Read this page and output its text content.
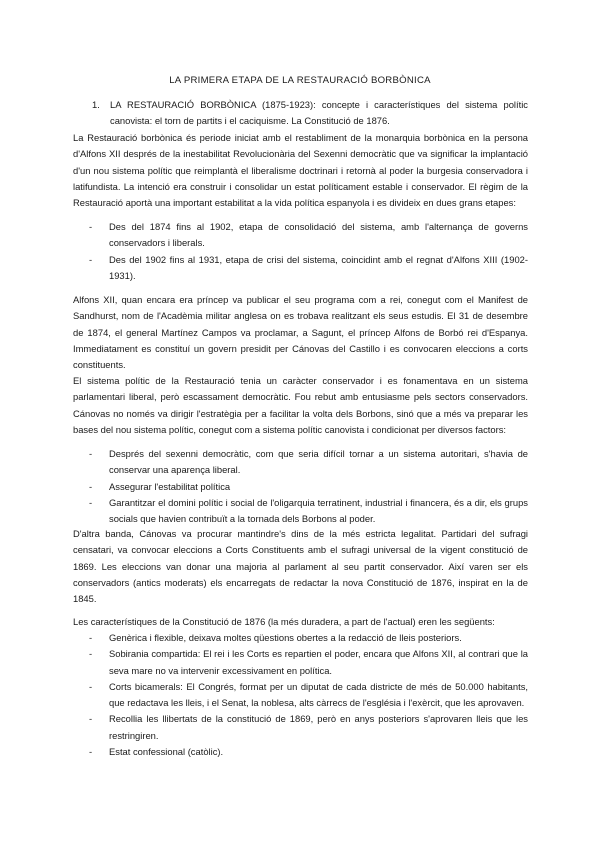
LA PRIMERA ETAPA DE LA RESTAURACIÓ BORBÒNICA
1. LA RESTAURACIÓ BORBÒNICA (1875-1923): concepte i característiques del sistema polític canovista: el torn de partits i el caciquisme. La Constitució de 1876.
La Restauració borbònica és periode iniciat amb el restabliment de la monarquia borbònica en la persona d'Alfons XII després de la inestabilitat Revolucionària del Sexenni democràtic que va significar la implantació d'un nou sistema polític que reimplantà el liberalisme doctrinari i retornà al poder la burgesia conservadora i latifundista. La intenció era construir i consolidar un estat políticament estable i conservador. El règim de la Restauració aportà una important estabilitat a la vida política espanyola i es divideix en dues grans etapes:
- Des del 1874 fins al 1902, etapa de consolidació del sistema, amb l'alternança de governs conservadors i liberals.
- Des del 1902 fins al 1931, etapa de crisi del sistema, coincidint amb el regnat d'Alfons XIII (1902-1931).
Alfons XII, quan encara era príncep va publicar el seu programa com a rei, conegut com el Manifest de Sandhurst, nom de l'Acadèmia militar anglesa on es trobava realitzant els seus estudis. El 31 de desembre de 1874, el general Martínez Campos va proclamar, a Sagunt, el príncep Alfons de Borbó rei d'Espanya. Immediatament es constituí un govern presidit per Cánovas del Castillo i es convocaren eleccions a corts constituents.
El sistema polític de la Restauració tenia un caràcter conservador i es fonamentava en un sistema parlamentari liberal, però escassament democràtic. Fou rebut amb entusiasme pels sectors conservadors. Cánovas no només va dirigir l'estratègia per a facilitar la volta dels Borbons, sinó que a més va preparar les bases del nou sistema polític, conegut com a sistema polític canovista i condicionat per diversos factors:
- Després del sexenni democràtic, com que seria difícil tornar a un sistema autoritari, s'havia de conservar una aparença liberal.
- Assegurar l'estabilitat política
- Garantitzar el domini polític i social de l'oligarquia terratinent, industrial i financera, és a dir, els grups socials que havien contribuït a la tornada dels Borbons al poder.
D'altra banda, Cánovas va procurar mantindre's dins de la més estricta legalitat. Partidari del sufragi censatari, va convocar eleccions a Corts Constituents amb el sufragi universal de la vigent constitució de 1869. Les eleccions van donar una majoria al parlament al seu partit conservador. Així varen ser els conservadors (antics moderats) els encarregats de redactar la nova Constitució de 1876, inspirat en la de 1845.
Les característiques de la Constitució de 1876 (la més duradera, a part de l'actual) eren les següents:
- Genèrica i flexible, deixava moltes qüestions obertes a la redacció de lleis posteriors.
- Sobirania compartida: El rei i les Corts es repartien el poder, encara que Alfons XII, al contrari que la seva mare no va intervenir excessivament en política.
- Corts bicamerals: El Congrés, format per un diputat de cada districte de més de 50.000 habitants, que redactava les lleis, i el Senat, la noblesa, alts càrrecs de l'església i l'exèrcit, que les aprovaven.
- Recollia les llibertats de la constitució de 1869, però en anys posteriors s'aprovaren lleis que les restringiren.
- Estat confessional (catòlic).
